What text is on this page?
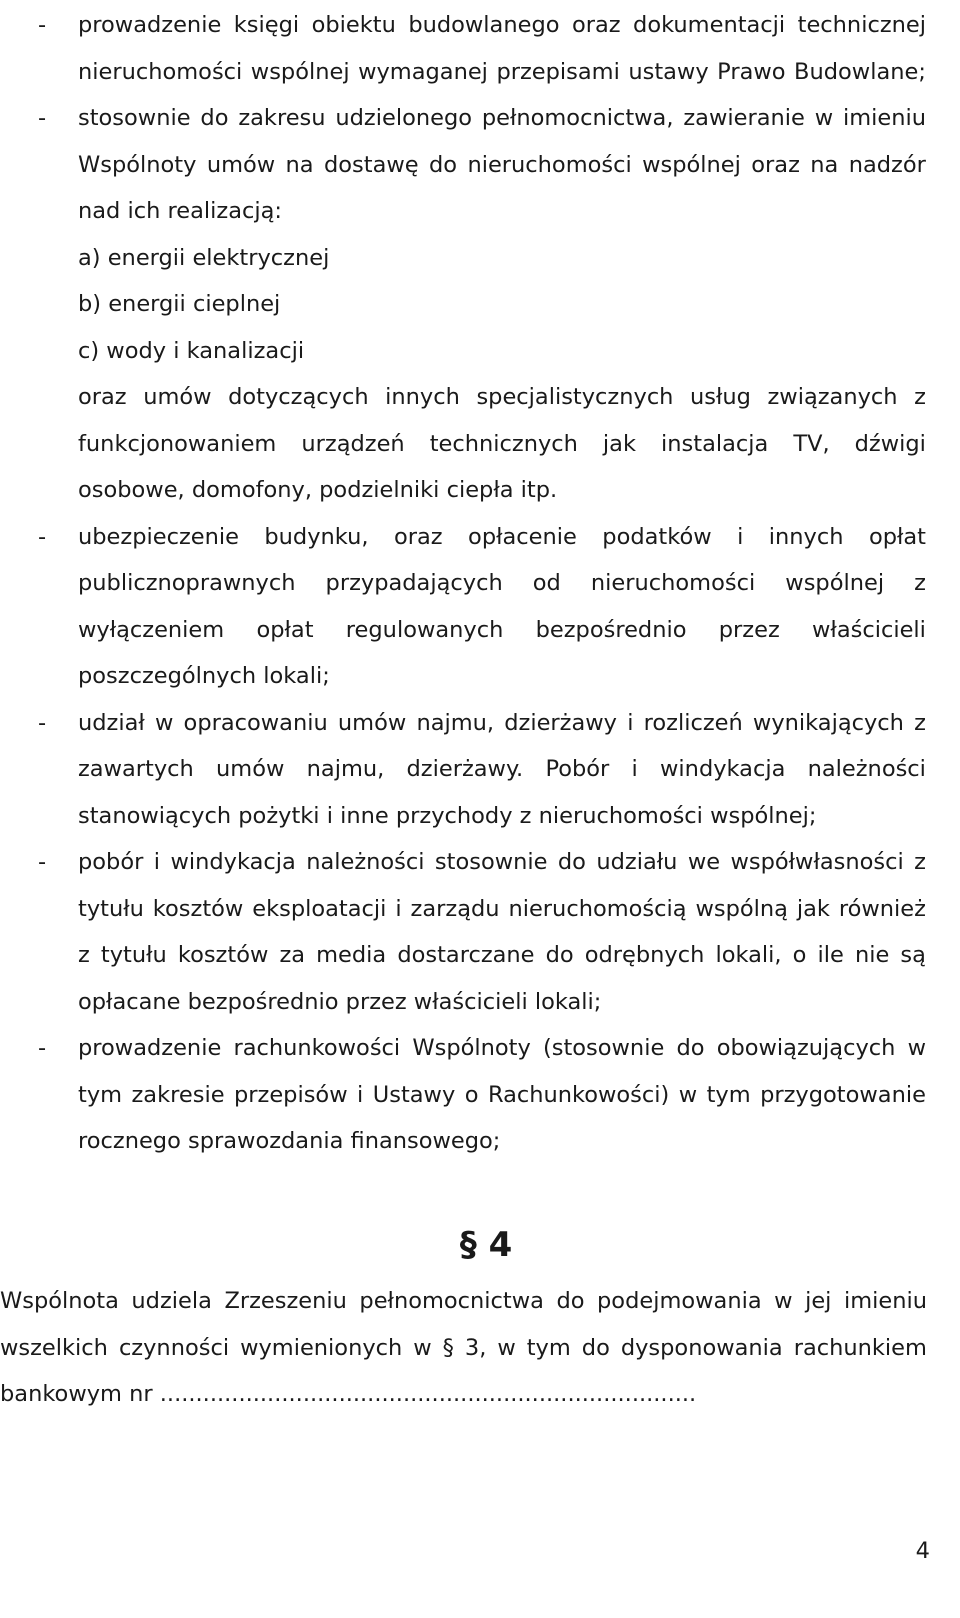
- prowadzenie księgi obiektu budowlanego oraz dokumentacji technicznej
nieruchomości wspólnej wymaganej przepisami ustawy Prawo Budowlane;
- stosownie do zakresu udzielonego pełnomocnictwa, zawieranie w imieniu
Wspólnoty umów na dostawę do nieruchomości wspólnej oraz na nadzór
nad ich realizacją:
a) energii elektrycznej
b) energii cieplnej
c) wody i kanalizacji
oraz umów dotyczących innych specjalistycznych usług związanych z
funkcjonowaniem urządzeń technicznych jak instalacja TV, dźwigi
osobowe, domofony, podzielniki ciepła itp.
- ubezpieczenie budynku, oraz opłacenie podatków i innych opłat
publicznoprawnych przypadających od nieruchomości wspólnej z
wyłączeniem opłat regulowanych bezpośrednio przez właścicieli
poszczególnych lokali;
- udział w opracowaniu umów najmu, dzierżawy i rozliczeń wynikających z
zawartych umów najmu, dzierżawy. Pobór i windykacja należności
stanowiących pożytki i inne przychody z nieruchomości wspólnej;
- pobór i windykacja należności stosownie do udziału we współwłasności z
tytułu kosztów eksploatacji i zarządu nieruchomością wspólną jak również
z tytułu kosztów za media dostarczane do odrębnych lokali, o ile nie są
opłacane bezpośrednio przez właścicieli lokali;
- prowadzenie rachunkowości Wspólnoty (stosownie do obowiązujących w
tym zakresie przepisów i Ustawy o Rachunkowości) w tym przygotowanie
rocznego sprawozdania finansowego;
§ 4
Wspólnota udziela Zrzeszeniu pełnomocnictwa do podejmowania w jej imieniu
wszelkich czynności wymienionych w § 3, w tym do dysponowania rachunkiem
bankowym nr ...........................................................................
4
